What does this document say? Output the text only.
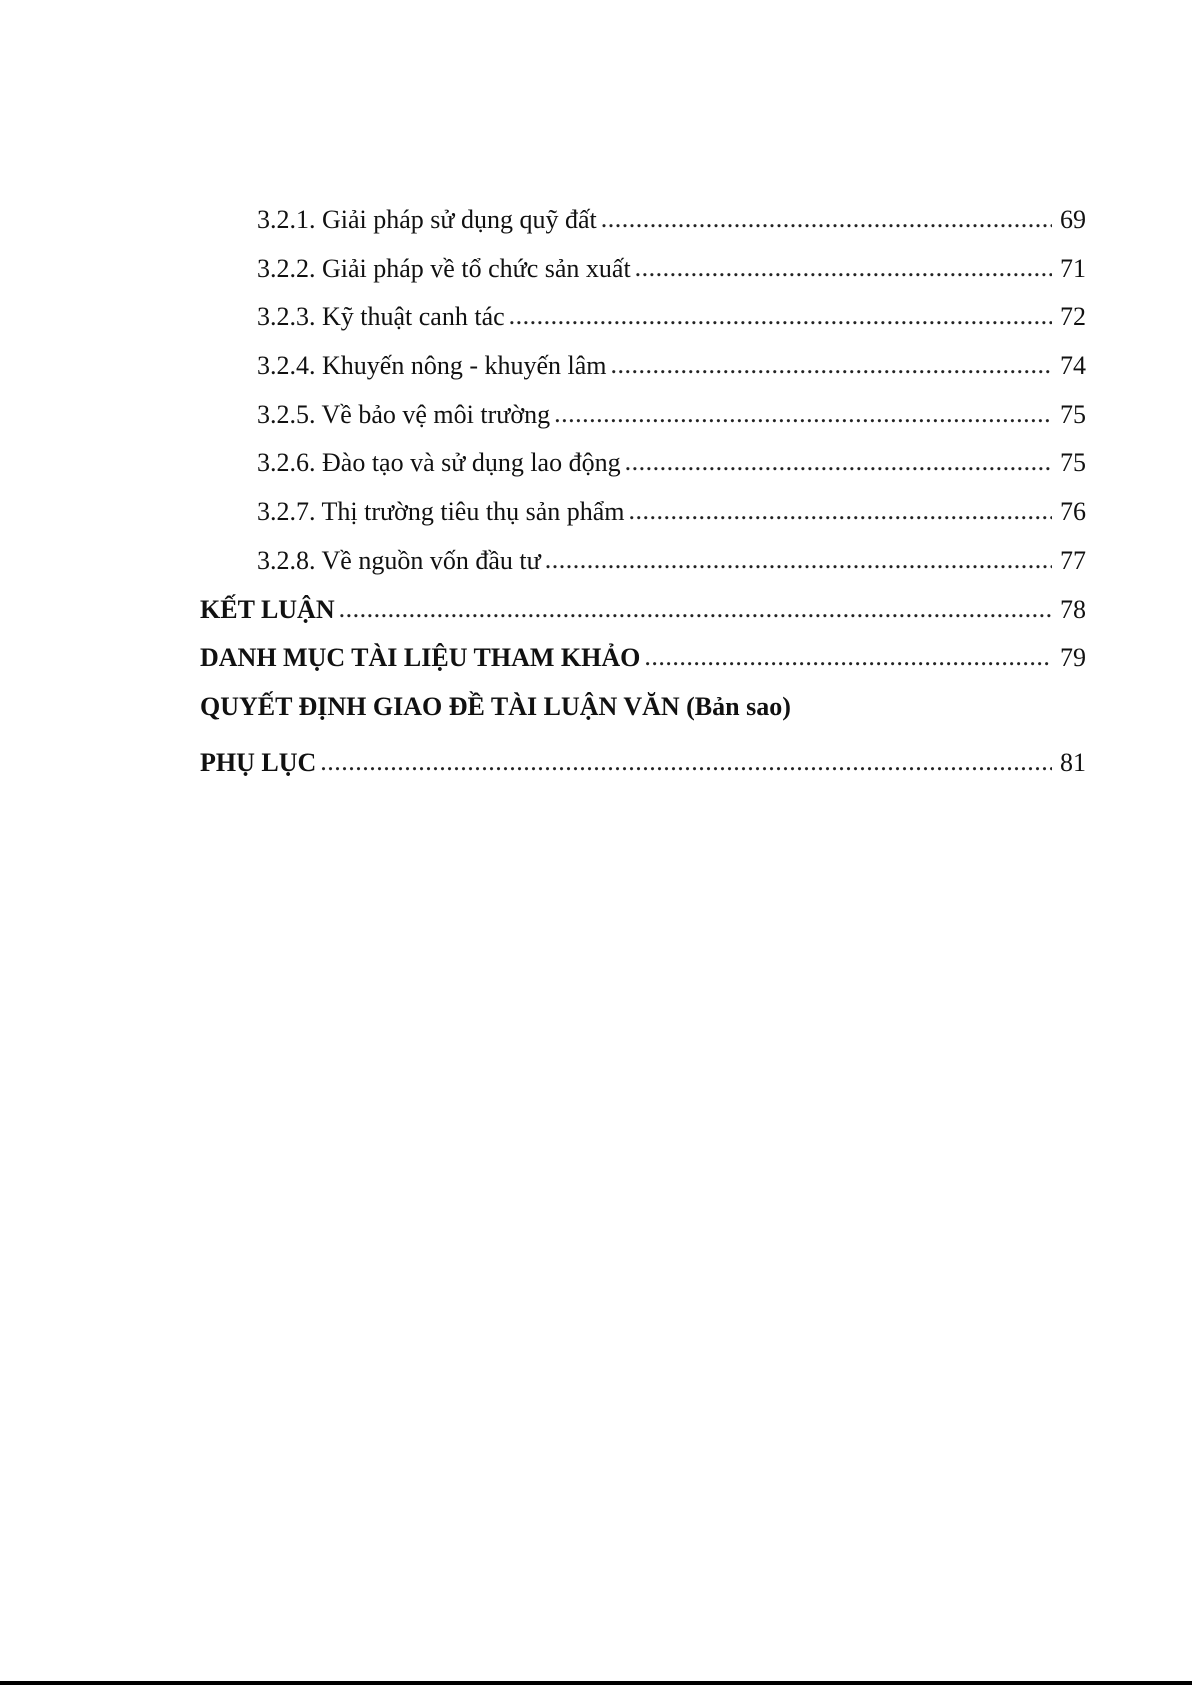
3.2.1. Giải pháp sử dụng quỹ đất .....	69
3.2.2. Giải pháp về tổ chức sản xuất .....	71
3.2.3. Kỹ thuật canh tác .....	72
3.2.4. Khuyến nông - khuyến lâm .....	74
3.2.5. Về bảo vệ môi trường .....	75
3.2.6. Đào tạo và sử dụng lao động .....	75
3.2.7. Thị trường tiêu thụ sản phẩm .....	76
3.2.8. Về nguồn vốn đầu tư .....	77
KẾT LUẬN .....	78
DANH MỤC TÀI LIỆU THAM KHẢO .....	79
QUYẾT ĐỊNH GIAO ĐỀ TÀI LUẬN VĂN (Bản sao)
PHỤ LỤC .....	81
